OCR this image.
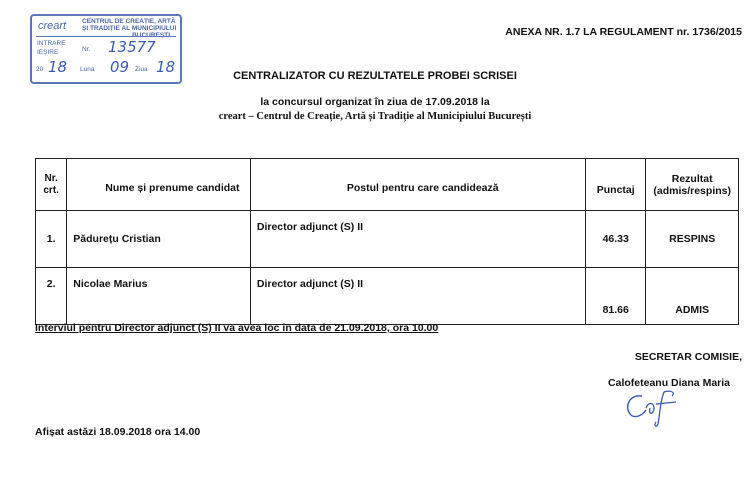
creart CENTRUL DE CREAȚIE, ARTĂ
ȘI TRADIȚIE AL MUNICIPIULUI
BUCUREȘTI
INTRARE
IEȘIRE	Nr. 13577
20 18 Luna 09 Ziua 18
ANEXA NR. 1.7 LA REGULAMENT nr. 1736/2015
CENTRALIZATOR CU REZULTATELE PROBEI SCRISEI
la concursul organizat în ziua de 17.09.2018 la
creart – Centrul de Creație, Artă și Tradiție al Municipiului București
Nr. crt.	Nume și prenume candidat	Postul pentru care candidează	Punctaj	Rezultat
(admis/respins)

1.	Pădurețu Cristian	Director adjunct (S) II	46.33	RESPINS
2.	Nicolae Marius	Director adjunct (S) II	81.66	ADMIS
Interviul pentru Director adjunct (S) II va avea loc în data de 21.09.2018, ora 10.00
SECRETAR COMISIE,
Calofeteanu Diana Maria
Afișat astăzi 18.09.2018 ora 14.00
